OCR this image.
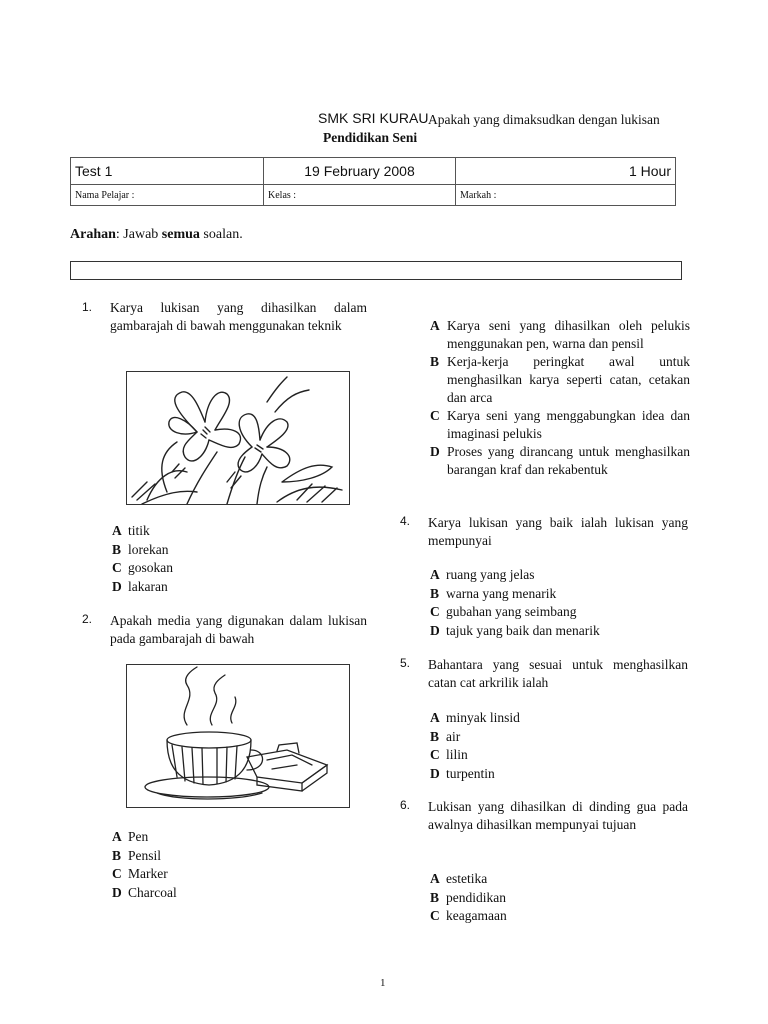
SMK SRI KURAU Apakah yang dimaksudkan dengan lukisan
Pendidikan Seni
Test 1	19 February 2008	1 Hour
Nama Pelajar :	Kelas :	Markah :
Arahan: Jawab semua soalan.
1. Karya lukisan yang dihasilkan dalam gambarajah di bawah menggunakan teknik
A titik
B lorekan
C gosokan
D lakaran
2. Apakah media yang digunakan dalam lukisan pada gambarajah di bawah
A Pen
B Pensil
C Marker
D Charcoal
A Karya seni yang dihasilkan oleh pelukis menggunakan pen, warna dan pensil
B Kerja-kerja peringkat awal untuk menghasilkan karya seperti catan, cetakan dan arca
C Karya seni yang menggabungkan idea dan imaginasi pelukis
D Proses yang dirancang untuk menghasilkan barangan kraf dan rekabentuk
4. Karya lukisan yang baik ialah lukisan yang mempunyai
A ruang yang jelas
B warna yang menarik
C gubahan yang seimbang
D tajuk yang baik dan menarik
5. Bahantara yang sesuai untuk menghasilkan catan cat arkrilik ialah
A minyak linsid
B air
C lilin
D turpentin
6. Lukisan yang dihasilkan di dinding gua pada awalnya dihasilkan mempunyai tujuan
A estetika
B pendidikan
C keagamaan
1
